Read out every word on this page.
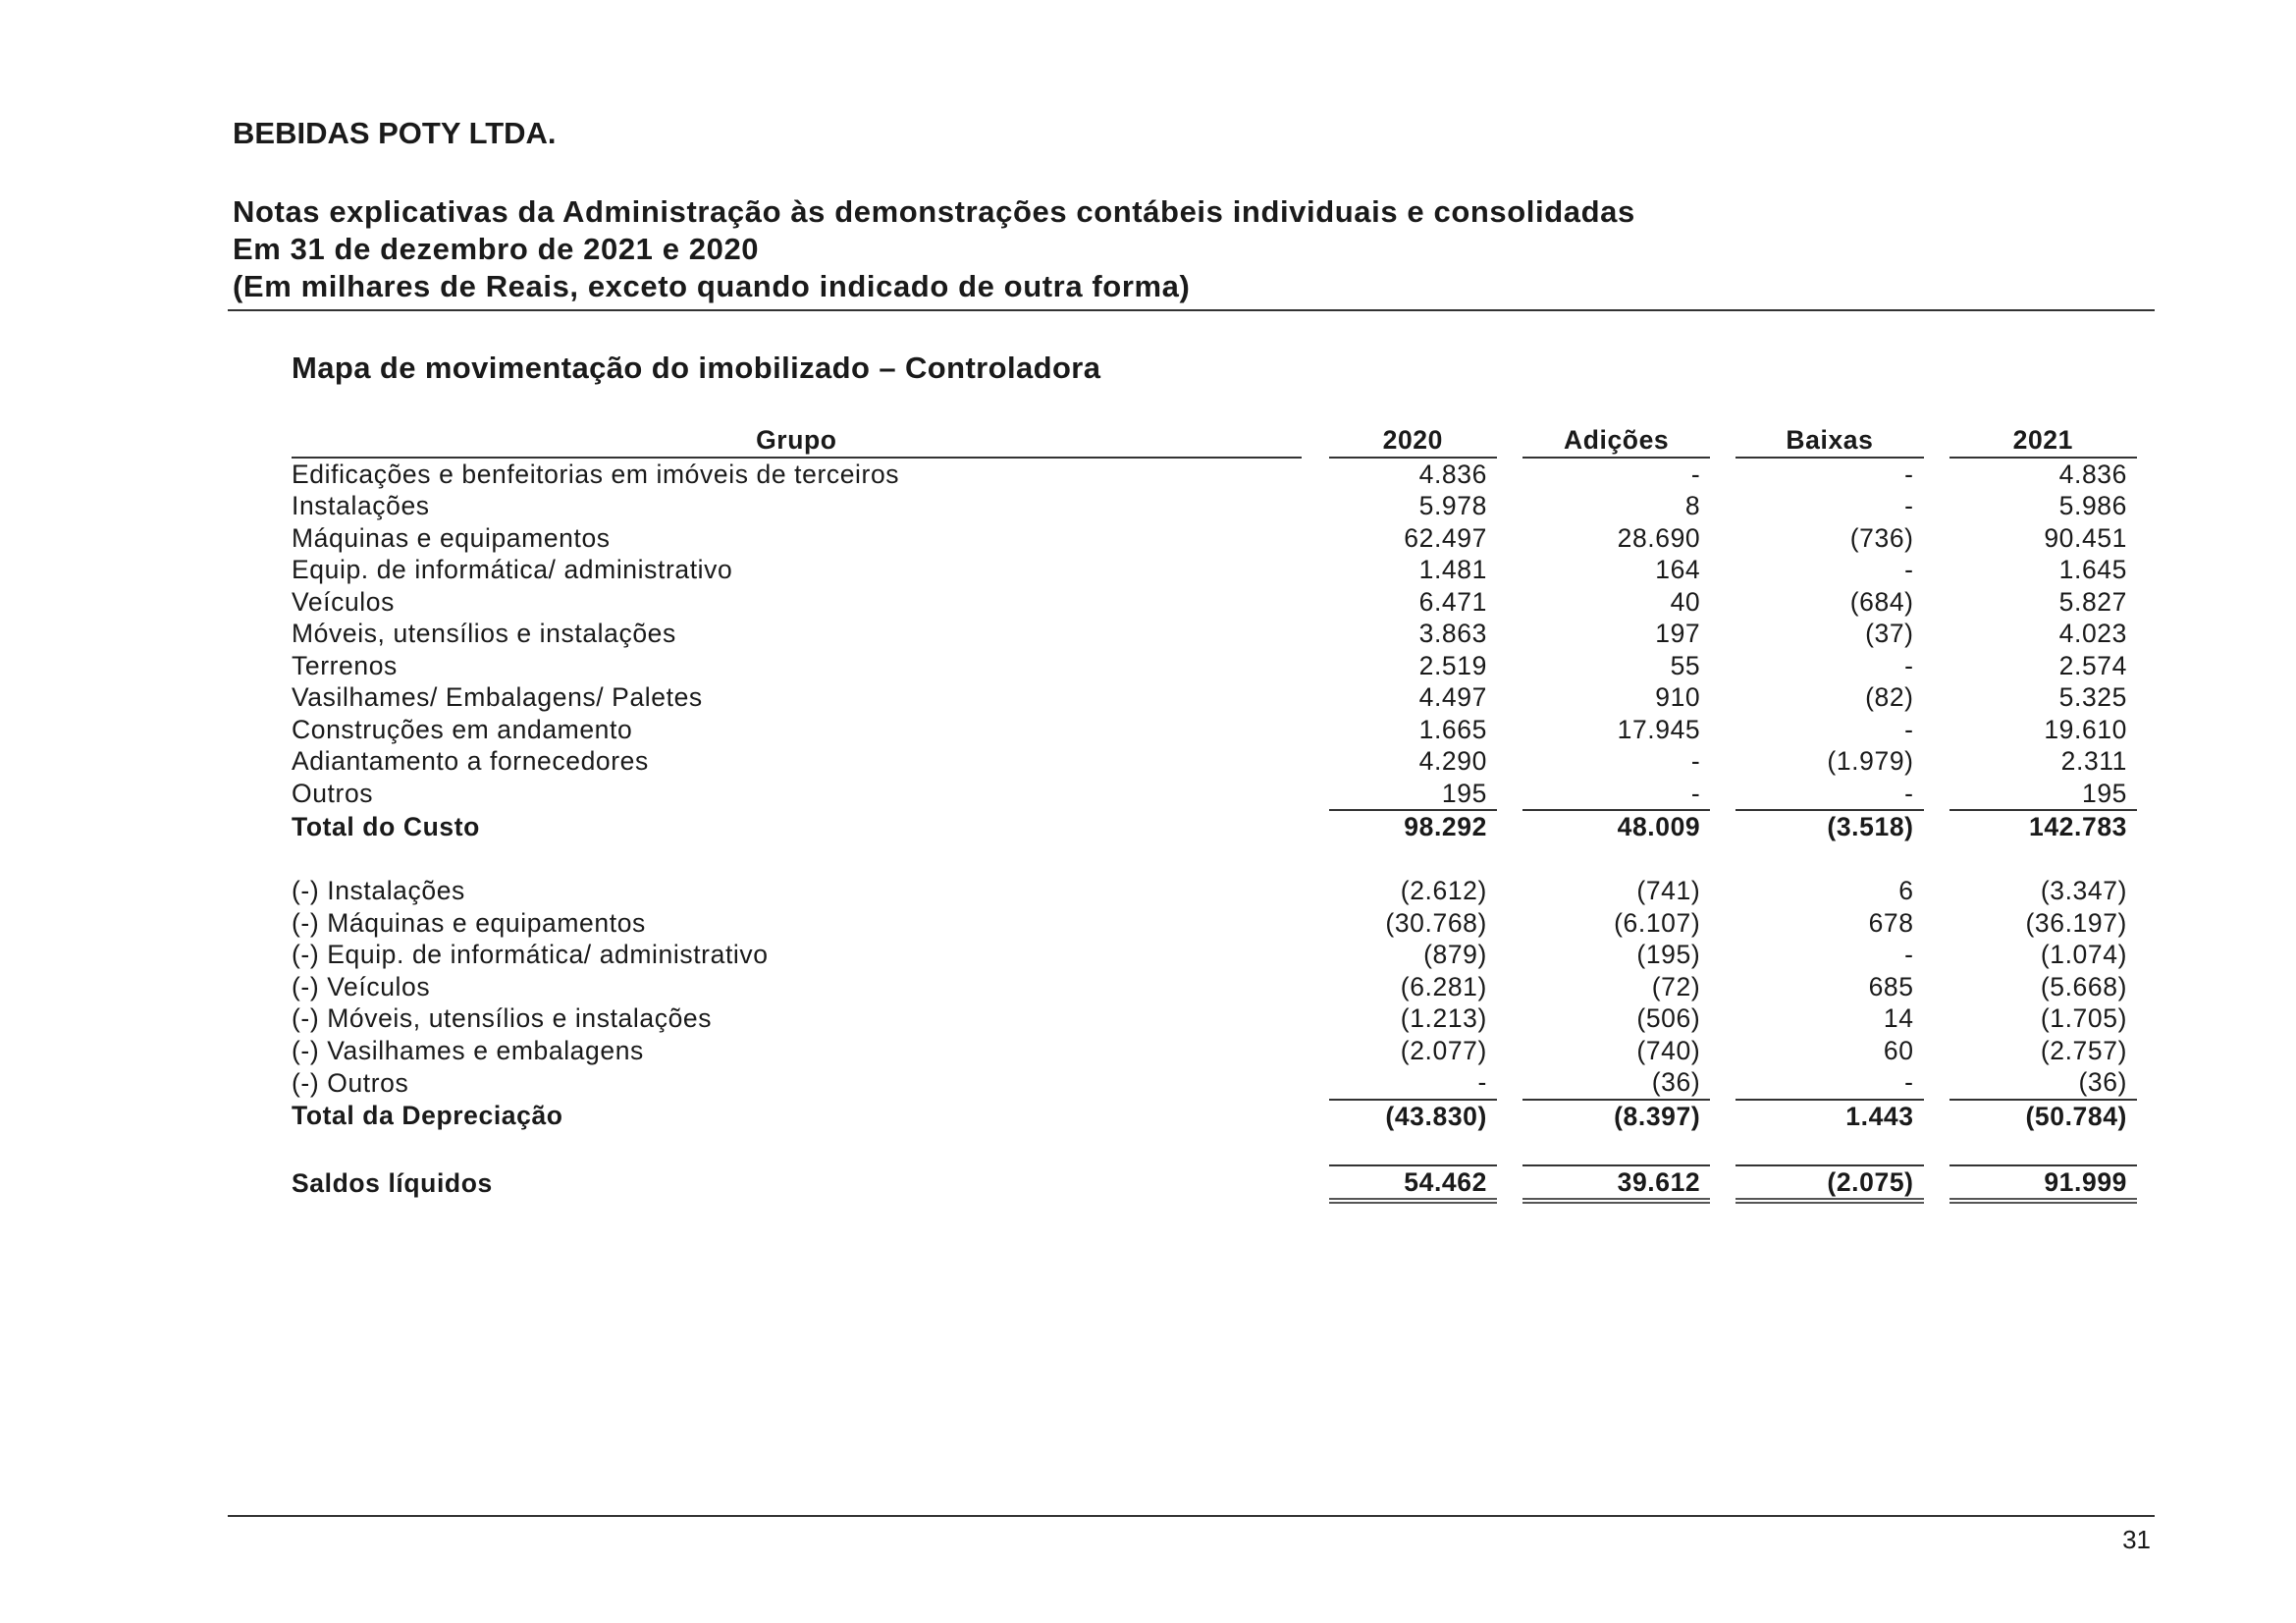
BEBIDAS POTY LTDA.
Notas explicativas da Administração às demonstrações contábeis individuais e consolidadas
Em 31 de dezembro de 2021 e 2020
(Em milhares de Reais, exceto quando indicado de outra forma)
Mapa de movimentação do imobilizado – Controladora
Grupo		2020		Adições		Baixas		2021
Edificações e benfeitorias em imóveis de terceiros		4.836		-		-		4.836
Instalações		5.978		8		-		5.986
Máquinas e equipamentos		62.497		28.690		(736)		90.451
Equip. de informática/ administrativo		1.481		164		-		1.645
Veículos		6.471		40		(684)		5.827
Móveis, utensílios e instalações		3.863		197		(37)		4.023
Terrenos		2.519		55		-		2.574
Vasilhames/ Embalagens/ Paletes		4.497		910		(82)		5.325
Construções em andamento		1.665		17.945		-		19.610
Adiantamento a fornecedores		4.290		-		(1.979)		2.311
Outros		195		-		-		195
Total do Custo		98.292		48.009		(3.518)		142.783

(-) Instalações		(2.612)		(741)		6		(3.347)
(-) Máquinas e equipamentos		(30.768)		(6.107)		678		(36.197)
(-) Equip. de informática/ administrativo		(879)		(195)		-		(1.074)
(-) Veículos		(6.281)		(72)		685		(5.668)
(-) Móveis, utensílios e instalações		(1.213)		(506)		14		(1.705)
(-) Vasilhames e embalagens		(2.077)		(740)		60		(2.757)
(-) Outros		-		(36)		-		(36)
Total da Depreciação		(43.830)		(8.397)		1.443		(50.784)

Saldos líquidos		54.462		39.612		(2.075)		91.999
31
